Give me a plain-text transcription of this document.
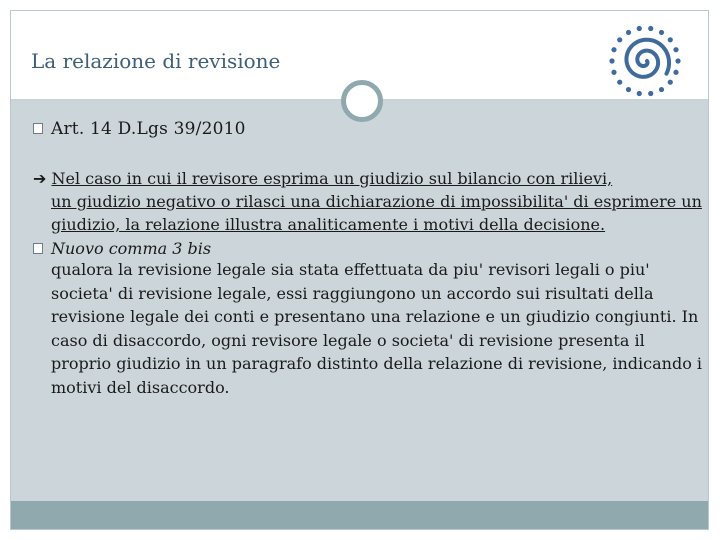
La relazione di revisione
Art. 14 D.Lgs 39/2010
➔ Nel caso in cui il revisore esprima un giudizio sul bilancio con rilievi,
un giudizio negativo o rilasci una dichiarazione di impossibilita' di esprimere un giudizio, la relazione illustra analiticamente i motivi della decisione.
Nuovo comma 3 bis
qualora la revisione legale sia stata effettuata da piu' revisori legali o piu' societa' di revisione legale, essi raggiungono un accordo sui risultati della revisione legale dei conti e presentano una relazione e un giudizio congiunti. In caso di disaccordo, ogni revisore legale o societa' di revisione presenta il proprio giudizio in un paragrafo distinto della relazione di revisione, indicando i motivi del disaccordo.
